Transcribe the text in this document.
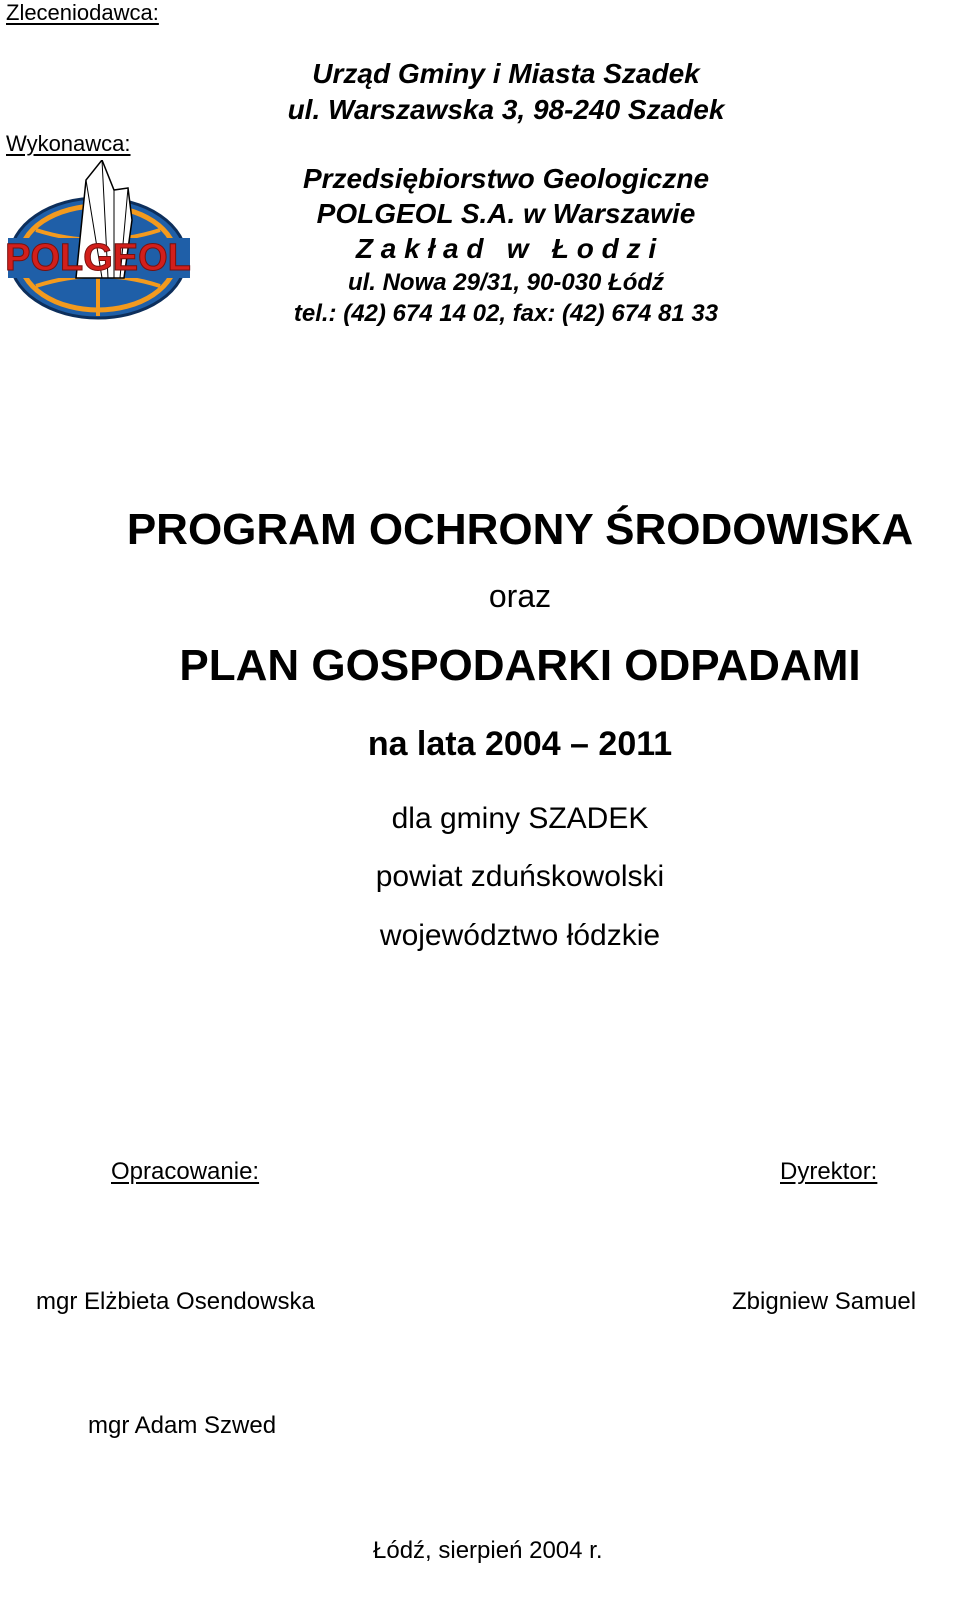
Zleceniodawca:
Wykonawca:
Urząd Gminy i Miasta Szadek
ul. Warszawska 3, 98-240 Szadek
POLGEOL
Przedsiębiorstwo Geologiczne
POLGEOL S.A. w Warszawie
Z a k ł a d   w   Ł o d z i
ul. Nowa 29/31, 90-030 Łódź
tel.: (42) 674 14 02, fax: (42) 674 81 33
PROGRAM OCHRONY ŚRODOWISKA
oraz
PLAN GOSPODARKI ODPADAMI
na lata 2004 – 2011
dla gminy SZADEK
powiat zduńskowolski
województwo łódzkie
Opracowanie:	Dyrektor:
mgr Elżbieta Osendowska	Zbigniew Samuel
mgr Adam Szwed
Łódź, sierpień 2004 r.
